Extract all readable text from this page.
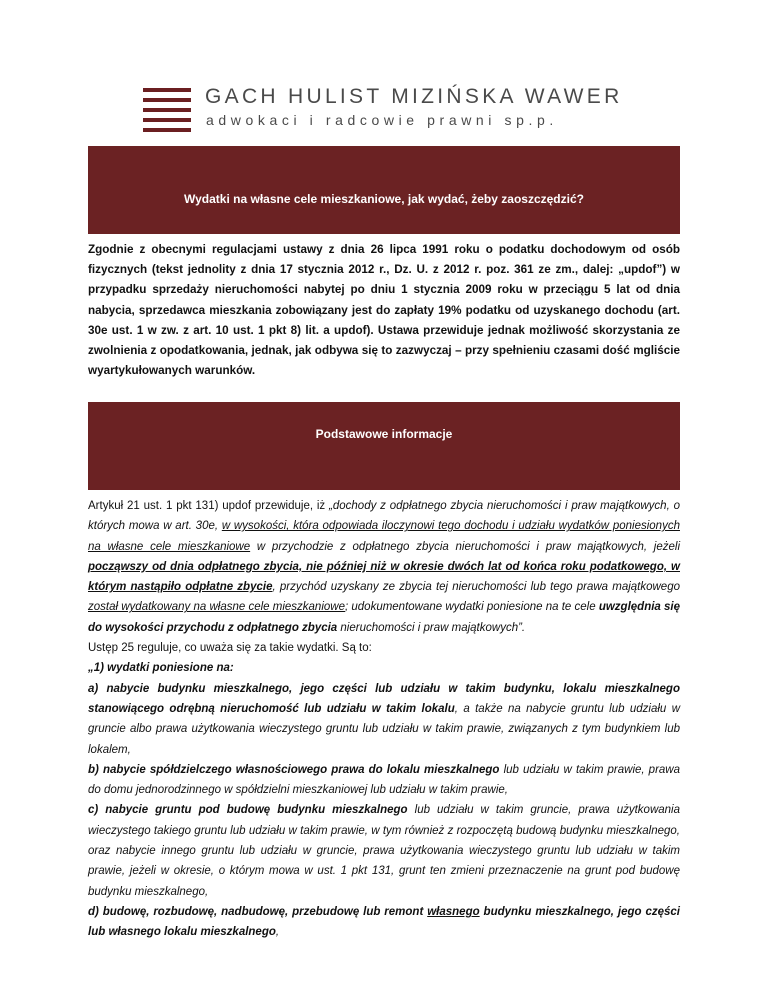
GACH HULIST MIZIŃSKA WAWER
adwokaci i radcowie prawni sp.p.
Wydatki na własne cele mieszkaniowe, jak wydać, żeby zaoszczędzić?
Zgodnie z obecnymi regulacjami ustawy z dnia 26 lipca 1991 roku o podatku dochodowym od osób fizycznych (tekst jednolity z dnia 17 stycznia 2012 r., Dz. U. z 2012 r. poz. 361 ze zm., dalej: „updof”) w przypadku sprzedaży nieruchomości nabytej po dniu 1 stycznia 2009 roku w przeciągu 5 lat od dnia nabycia, sprzedawca mieszkania zobowiązany jest do zapłaty 19% podatku od uzyskanego dochodu (art. 30e ust. 1 w zw. z art. 10 ust. 1 pkt 8) lit. a updof). Ustawa przewiduje jednak możliwość skorzystania ze zwolnienia z opodatkowania, jednak, jak odbywa się to zazwyczaj – przy spełnieniu czasami dość mgliście wyartykułowanych warunków.
Podstawowe informacje

Artykuł 21 ust. 1 pkt 131) updof przewiduje, iż „dochody z odpłatnego zbycia nieruchomości i praw majątkowych, o których mowa w art. 30e, w wysokości, która odpowiada iloczynowi tego dochodu i udziału wydatków poniesionych na własne cele mieszkaniowe w przychodzie z odpłatnego zbycia nieruchomości i praw majątkowych, jeżeli począwszy od dnia odpłatnego zbycia, nie później niż w okresie dwóch lat od końca roku podatkowego, w którym nastąpiło odpłatne zbycie, przychód uzyskany ze zbycia tej nieruchomości lub tego prawa majątkowego został wydatkowany na własne cele mieszkaniowe; udokumentowane wydatki poniesione na te cele uwzględnia się do wysokości przychodu z odpłatnego zbycia nieruchomości i praw majątkowych”.

Ustęp 25 reguluje, co uważa się za takie wydatki. Są to:

„1) wydatki poniesione na:

a) nabycie budynku mieszkalnego, jego części lub udziału w takim budynku, lokalu mieszkalnego stanowiącego odrębną nieruchomość lub udziału w takim lokalu, a także na nabycie gruntu lub udziału w gruncie albo prawa użytkowania wieczystego gruntu lub udziału w takim prawie, związanych z tym budynkiem lub lokalem,

b) nabycie spółdzielczego własnościowego prawa do lokalu mieszkalnego lub udziału w takim prawie, prawa do domu jednorodzinnego w spółdzielni mieszkaniowej lub udziału w takim prawie,

c) nabycie gruntu pod budowę budynku mieszkalnego lub udziału w takim gruncie, prawa użytkowania wieczystego takiego gruntu lub udziału w takim prawie, w tym również z rozpoczętą budową budynku mieszkalnego, oraz nabycie innego gruntu lub udziału w gruncie, prawa użytkowania wieczystego gruntu lub udziału w takim prawie, jeżeli w okresie, o którym mowa w ust. 1 pkt 131, grunt ten zmieni przeznaczenie na grunt pod budowę budynku mieszkalnego,

d) budowę, rozbudowę, nadbudowę, przebudowę lub remont własnego budynku mieszkalnego, jego części lub własnego lokalu mieszkalnego,
